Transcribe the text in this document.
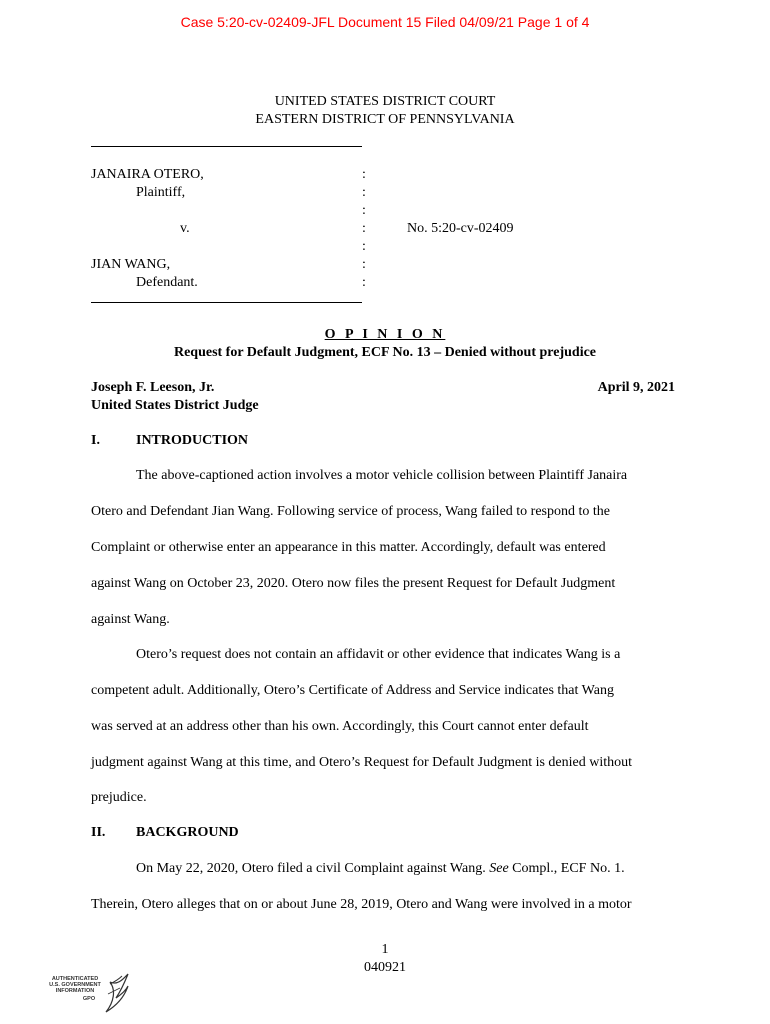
Case 5:20-cv-02409-JFL Document 15 Filed 04/09/21 Page 1 of 4
UNITED STATES DISTRICT COURT
EASTERN DISTRICT OF PENNSYLVANIA
JANAIRA OTERO,
Plaintiff,
v.
JIAN WANG,
Defendant.
:
:
:
:
:
:
:
No. 5:20-cv-02409
O P I N I O N
Request for Default Judgment, ECF No. 13 – Denied without prejudice
Joseph F. Leeson, Jr.
United States District Judge
April 9, 2021
I.	INTRODUCTION
The above-captioned action involves a motor vehicle collision between Plaintiff Janaira
Otero and Defendant Jian Wang. Following service of process, Wang failed to respond to the
Complaint or otherwise enter an appearance in this matter. Accordingly, default was entered
against Wang on October 23, 2020. Otero now files the present Request for Default Judgment
against Wang.
Otero’s request does not contain an affidavit or other evidence that indicates Wang is a
competent adult. Additionally, Otero’s Certificate of Address and Service indicates that Wang
was served at an address other than his own. Accordingly, this Court cannot enter default
judgment against Wang at this time, and Otero’s Request for Default Judgment is denied without
prejudice.
II. BACKGROUND
On May 22, 2020, Otero filed a civil Complaint against Wang. See Compl., ECF No. 1.
Therein, Otero alleges that on or about June 28, 2019, Otero and Wang were involved in a motor
1
040921
AUTHENTICATED
U.S. GOVERNMENT
INFORMATION
GPO
